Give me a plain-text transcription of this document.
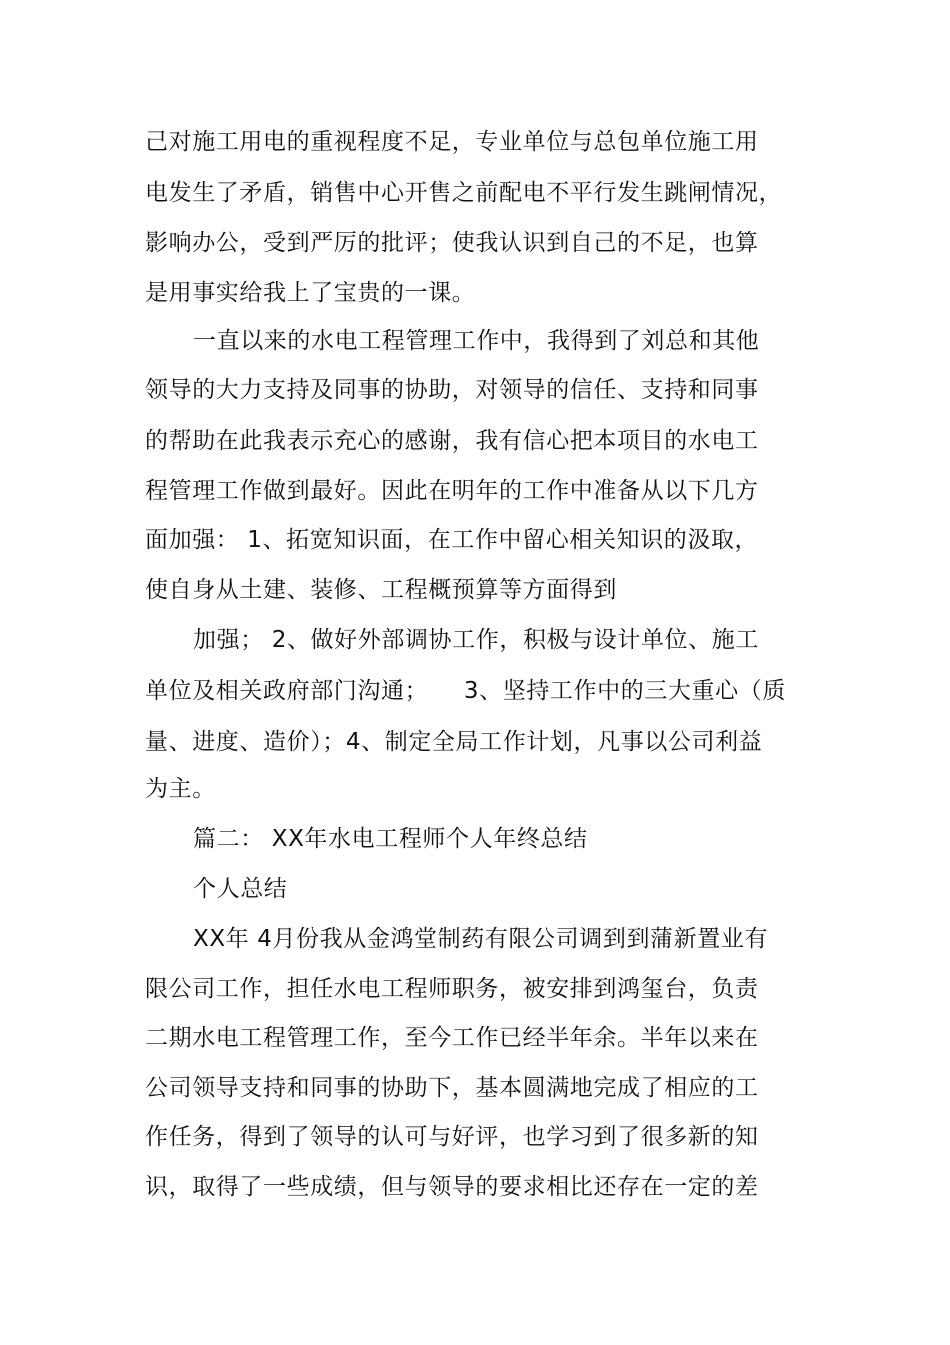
己对施工用电的重视程度不足，专业单位与总包单位施工用
电发生了矛盾，销售中心开售之前配电不平行发生跳闸情况，
影响办公，受到严厉的批评；使我认识到自己的不足，也算
是用事实给我上了宝贵的一课。
一直以来的水电工程管理工作中，我得到了刘总和其他
领导的大力支持及同事的协助，对领导的信任、支持和同事
的帮助在此我表示充心的感谢，我有信心把本项目的水电工
程管理工作做到最好。因此在明年的工作中准备从以下几方
面加强： 1、拓宽知识面，在工作中留心相关知识的汲取，
使自身从土建、装修、工程概预算等方面得到
加强； 2、做好外部调协工作，积极与设计单位、施工
单位及相关政府部门沟通；　　3、坚持工作中的三大重心（质
量、进度、造价）；4、制定全局工作计划，凡事以公司利益
为主。
篇二： XX年水电工程师个人年终总结
个人总结
XX年 4月份我从金鸿堂制药有限公司调到到蒲新置业有
限公司工作，担任水电工程师职务，被安排到鸿玺台，负责
二期水电工程管理工作，至今工作已经半年余。半年以来在
公司领导支持和同事的协助下，基本圆满地完成了相应的工
作任务，得到了领导的认可与好评，也学习到了很多新的知
识，取得了一些成绩，但与领导的要求相比还存在一定的差
